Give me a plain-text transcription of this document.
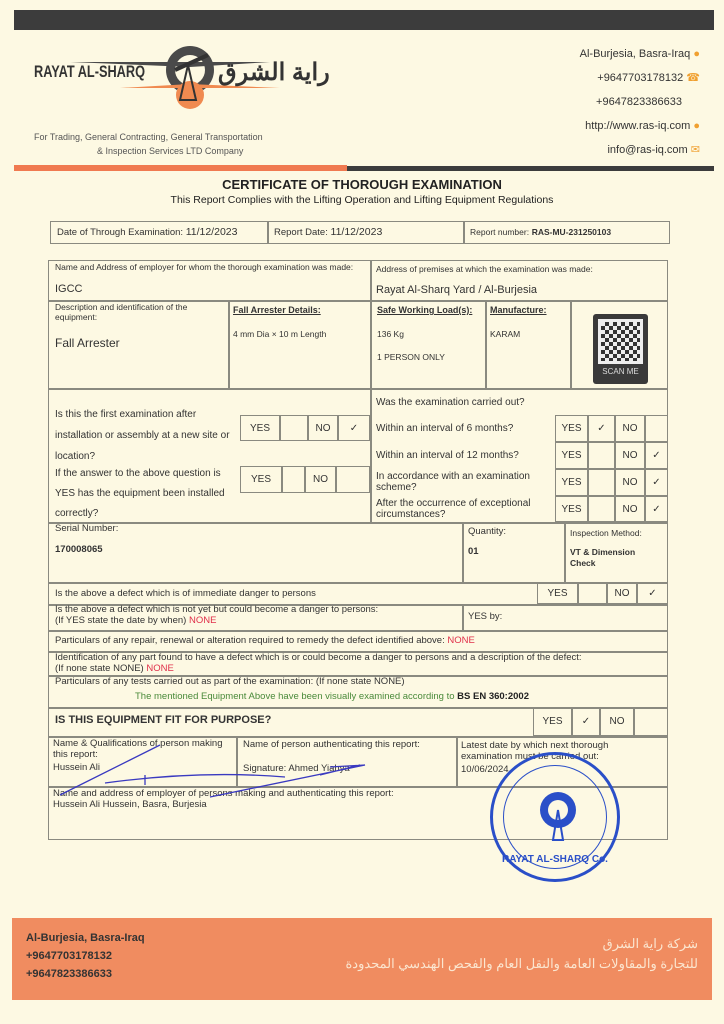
RAYAT AL-SHARQ	راية الشرق
For Trading, General Contracting, General Transportation
& Inspection Services LTD Company
Al-Burjesia, Basra-Iraq ●
+9647703178132 ☎
+9647823386633
http://www.ras-iq.com ●
info@ras-iq.com ✉
CERTIFICATE OF THOROUGH EXAMINATION
This Report Complies with the Lifting Operation and Lifting Equipment Regulations
Date of Through Examination: 11/12/2023	Report Date: 11/12/2023	Report number: RAS-MU-231250103
Name and Address of employer for whom the thorough examination was made:
IGCC
Address of premises at which the examination was made:
Rayat Al-Sharq Yard / Al-Burjesia
Description and identification of the equipment:
Fall Arrester
Fall Arrester Details:
4 mm Dia × 10 m Length
Safe Working Load(s):
136 Kg
1 PERSON ONLY
Manufacture:
KARAM
SCAN ME
Is this the first examination after installation or assembly at a new site or location?
YES	NO	✓
If the answer to the above question is YES has the equipment been installed correctly?
YES	NO
Was the examination carried out?
Within an interval of 6 months?	YES	✓	NO
Within an interval of 12 months?	YES	NO	✓
In accordance with an examination scheme?	YES	NO	✓
After the occurrence of exceptional circumstances?	YES	NO	✓
Serial Number:
170008065
Quantity:
01
Inspection Method:
VT & Dimension Check
Is the above a defect which is of immediate danger to persons	YES	NO	✓
Is the above a defect which is not yet but could become a danger to persons:
(If YES state the date by when) NONE	YES by:
Particulars of any repair, renewal or alteration required to remedy the defect identified above: NONE
Identification of any part found to have a defect which is or could become a danger to persons and a description of the defect:
(If none state NONE) NONE
Particulars of any tests carried out as part of the examination: (If none state NONE)
The mentioned Equipment Above have been visually examined according to BS EN 360:2002
IS THIS EQUIPMENT FIT FOR PURPOSE?	YES	✓	NO
Name & Qualifications of person making this report:
Hussein Ali
Name of person authenticating this report:
Signature: Ahmed Yiahya
Latest date by which next thorough examination must be carried out:
10/06/2024
Name and address of employer of persons making and authenticating this report:
Hussein Ali Hussein, Basra, Burjesia
RAYAT AL-SHARQ Co.
Al-Burjesia, Basra-Iraq
+9647703178132
+9647823386633
شركة راية الشرق
للتجارة والمقاولات العامة والنقل العام والفحص الهندسي المحدودة
